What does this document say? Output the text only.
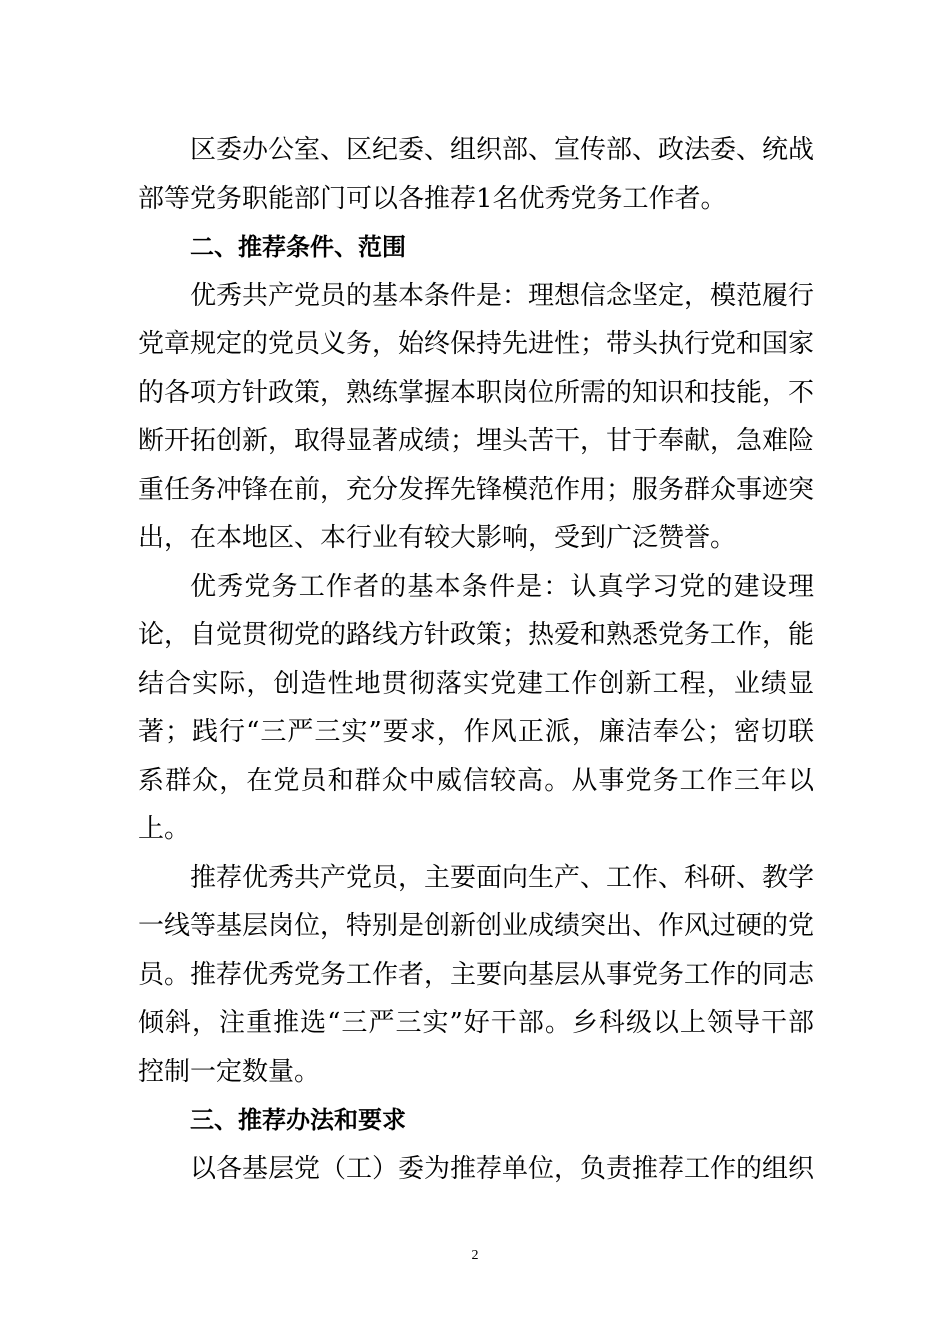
区委办公室、区纪委、组织部、宣传部、政法委、统战部等党务职能部门可以各推荐1名优秀党务工作者。

二、推荐条件、范围

优秀共产党员的基本条件是：理想信念坚定，模范履行党章规定的党员义务，始终保持先进性；带头执行党和国家的各项方针政策，熟练掌握本职岗位所需的知识和技能，不断开拓创新，取得显著成绩；埋头苦干，甘于奉献，急难险重任务冲锋在前，充分发挥先锋模范作用；服务群众事迹突出，在本地区、本行业有较大影响，受到广泛赞誉。

优秀党务工作者的基本条件是：认真学习党的建设理论，自觉贯彻党的路线方针政策；热爱和熟悉党务工作，能结合实际，创造性地贯彻落实党建工作创新工程，业绩显著；践行“三严三实”要求，作风正派，廉洁奉公；密切联系群众，在党员和群众中威信较高。从事党务工作三年以上。

推荐优秀共产党员，主要面向生产、工作、科研、教学一线等基层岗位，特别是创新创业成绩突出、作风过硬的党员。推荐优秀党务工作者，主要向基层从事党务工作的同志倾斜，注重推选“三严三实”好干部。乡科级以上领导干部控制一定数量。

三、推荐办法和要求

以各基层党（工）委为推荐单位，负责推荐工作的组织

2
